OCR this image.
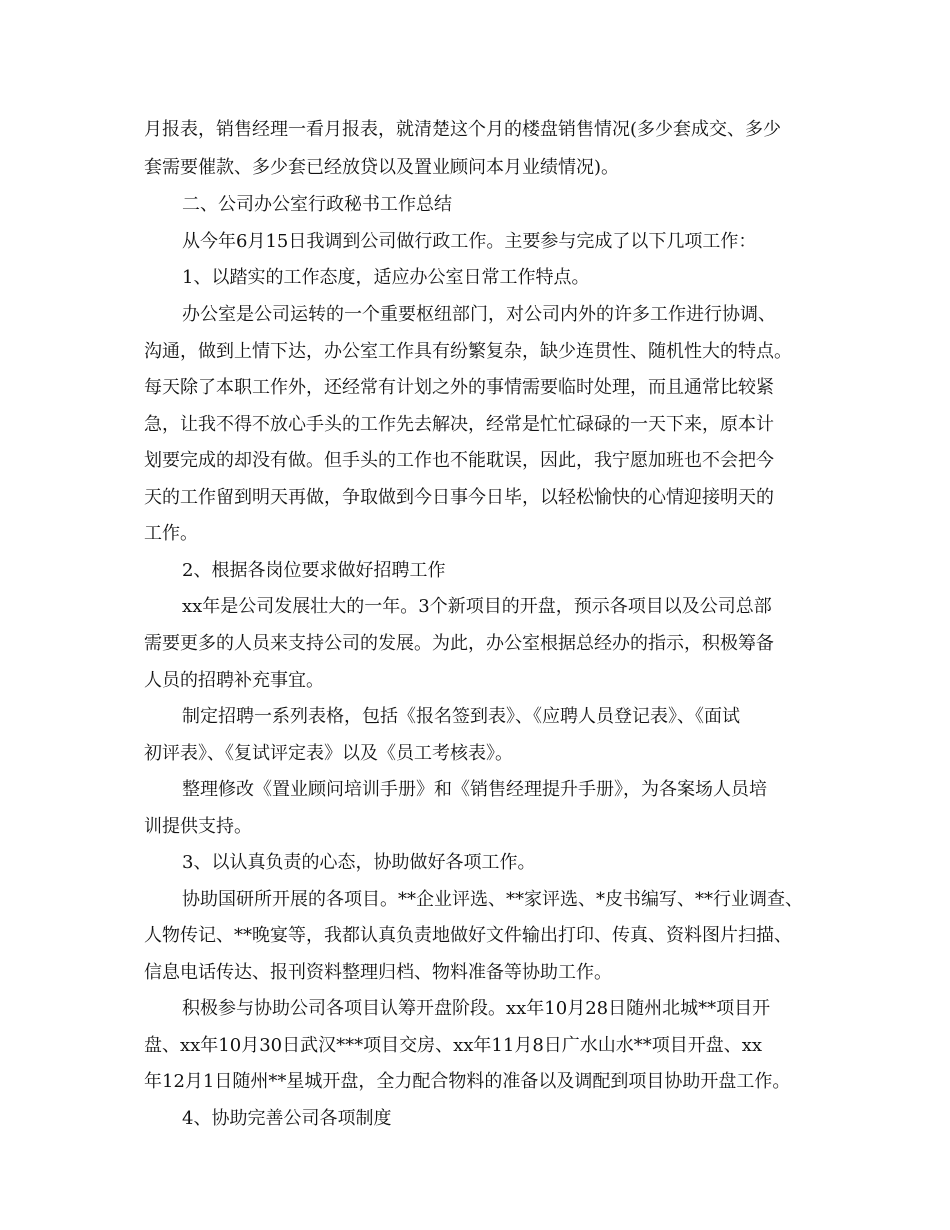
月报表，销售经理一看月报表，就清楚这个月的楼盘销售情况(多少套成交、多少
套需要催款、多少套已经放贷以及置业顾问本月业绩情况)。
二、公司办公室行政秘书工作总结
从今年6月15日我调到公司做行政工作。主要参与完成了以下几项工作：
1、以踏实的工作态度，适应办公室日常工作特点。
办公室是公司运转的一个重要枢纽部门，对公司内外的许多工作进行协调、
沟通，做到上情下达，办公室工作具有纷繁复杂，缺少连贯性、随机性大的特点。
每天除了本职工作外，还经常有计划之外的事情需要临时处理，而且通常比较紧
急，让我不得不放心手头的工作先去解决，经常是忙忙碌碌的一天下来，原本计
划要完成的却没有做。但手头的工作也不能耽误，因此，我宁愿加班也不会把今
天的工作留到明天再做，争取做到今日事今日毕，以轻松愉快的心情迎接明天的
工作。
2、根据各岗位要求做好招聘工作
xx年是公司发展壮大的一年。3个新项目的开盘，预示各项目以及公司总部
需要更多的人员来支持公司的发展。为此，办公室根据总经办的指示，积极筹备
人员的招聘补充事宜。
制定招聘一系列表格，包括《报名签到表》、《应聘人员登记表》、《面试
初评表》、《复试评定表》以及《员工考核表》。
整理修改《置业顾问培训手册》和《销售经理提升手册》，为各案场人员培
训提供支持。
3、以认真负责的心态，协助做好各项工作。
协助国研所开展的各项目。**企业评选、**家评选、*皮书编写、**行业调查、
人物传记、**晚宴等，我都认真负责地做好文件输出打印、传真、资料图片扫描、
信息电话传达、报刊资料整理归档、物料准备等协助工作。
积极参与协助公司各项目认筹开盘阶段。xx年10月28日随州北城**项目开
盘、xx年10月30日武汉***项目交房、xx年11月8日广水山水**项目开盘、xx
年12月1日随州**星城开盘，全力配合物料的准备以及调配到项目协助开盘工作。
4、协助完善公司各项制度
